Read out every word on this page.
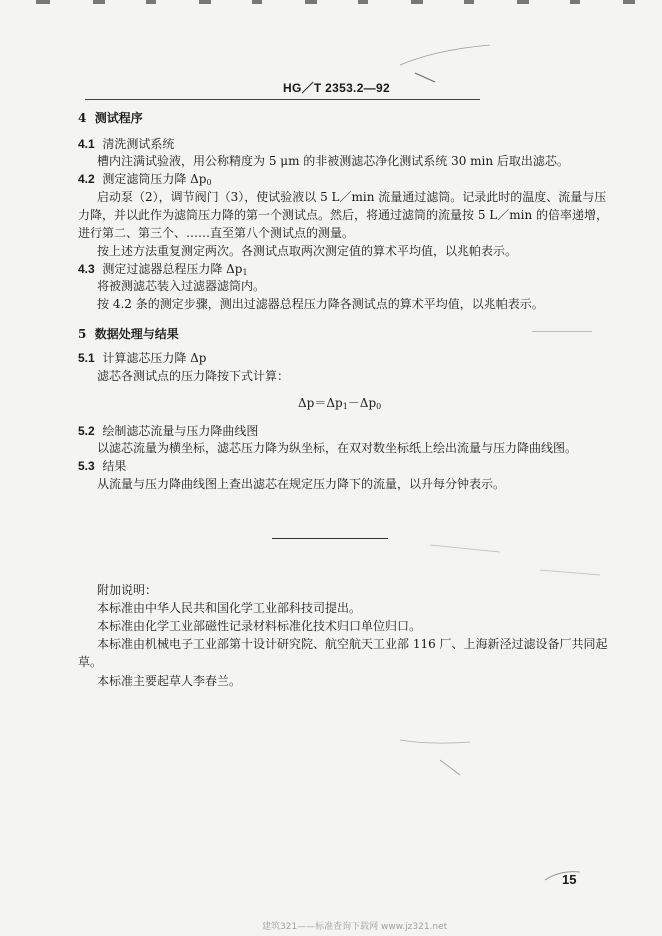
HG／T 2353.2—92
4 测试程序
4.1 清洗测试系统
槽内注满试验液，用公称精度为 5 μm 的非被测滤芯净化测试系统 30 min 后取出滤芯。
4.2 测定滤筒压力降 $\Delta p_0$
启动泵（2），调节阀门（3），使试验液以 5 L／min 流量通过滤筒。记录此时的温度、流量与压
力降，并以此作为滤筒压力降的第一个测试点。然后，将通过滤筒的流量按 5 L／min 的倍率递增，
进行第二、第三个、……直至第八个测试点的测量。
按上述方法重复测定两次。各测试点取两次测定值的算术平均值，以兆帕表示。
4.3 测定过滤器总程压力降 $\Delta p_1$
将被测滤芯装入过滤器滤筒内。
按 4.2 条的测定步骤，测出过滤器总程压力降各测试点的算术平均值，以兆帕表示。
5 数据处理与结果
5.1 计算滤芯压力降 Δp
滤芯各测试点的压力降按下式计算：
$\Delta p=\Delta p_1-\Delta p_0$
5.2 绘制滤芯流量与压力降曲线图
以滤芯流量为横坐标，滤芯压力降为纵坐标，在双对数坐标纸上绘出流量与压力降曲线图。
5.3 结果
从流量与压力降曲线图上查出滤芯在规定压力降下的流量，以升每分钟表示。
附加说明：
本标准由中华人民共和国化学工业部科技司提出。
本标准由化学工业部磁性记录材料标准化技术归口单位归口。
本标准由机械电子工业部第十设计研究院、航空航天工业部 116 厂、上海新泾过滤设备厂共同起
草。
本标准主要起草人李春兰。
15
建筑321——标准查询下载网 www.jz321.net
